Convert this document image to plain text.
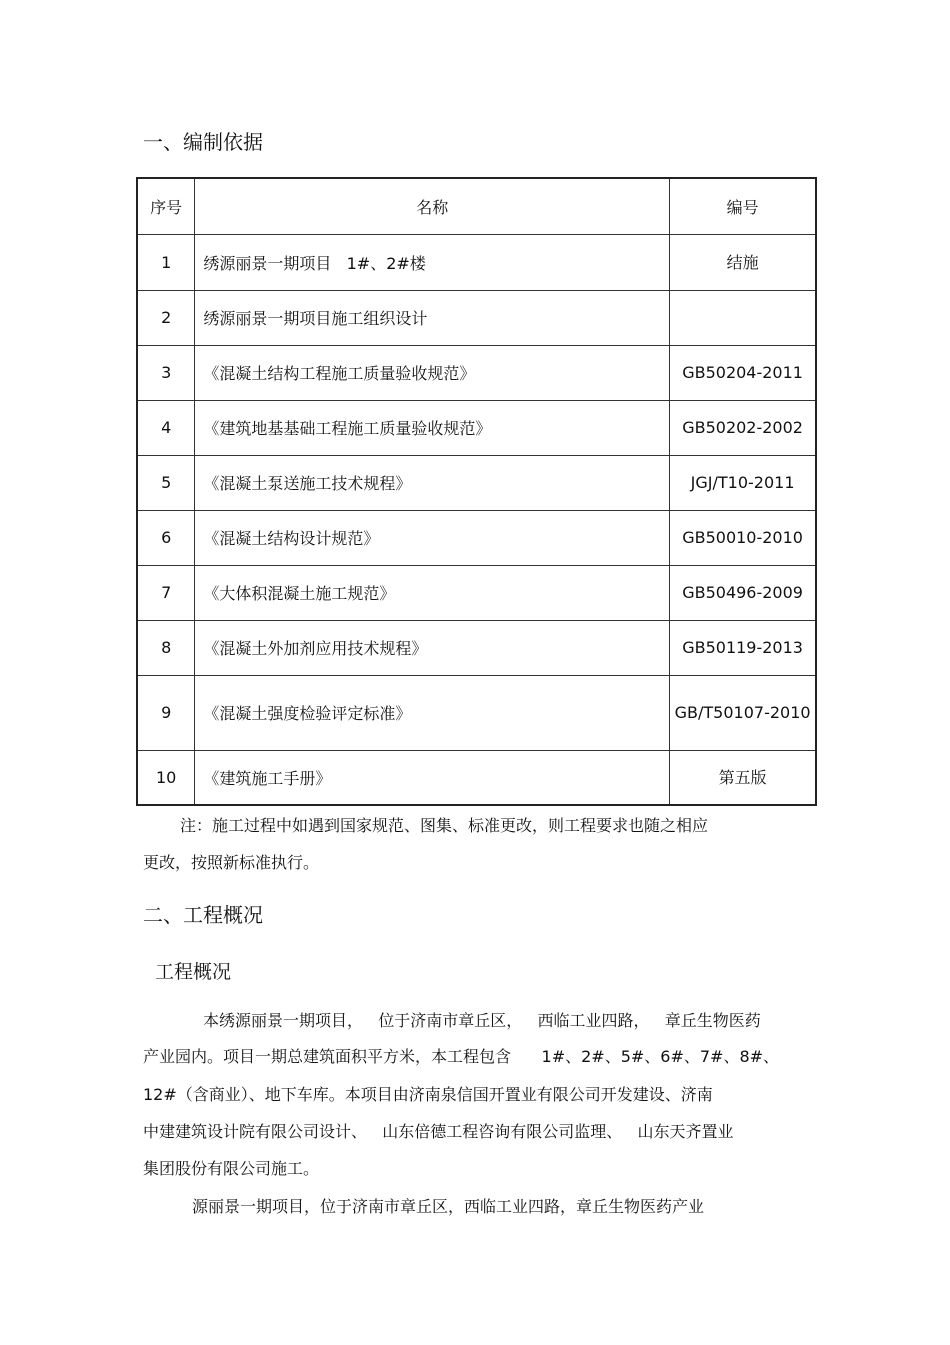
一、编制依据
序号	名称	编号
1	绣源丽景一期项目   1#、2#楼	结施
2	绣源丽景一期项目施工组织设计	
3	《混凝土结构工程施工质量验收规范》	GB50204-2011
4	《建筑地基基础工程施工质量验收规范》	GB50202-2002
5	《混凝土泵送施工技术规程》	JGJ/T10-2011
6	《混凝土结构设计规范》	GB50010-2010
7	《大体积混凝土施工规范》	GB50496-2009
8	《混凝土外加剂应用技术规程》	GB50119-2013
9	《混凝土强度检验评定标准》	GB/T50107-2010
10	《建筑施工手册》	第五版
注：施工过程中如遇到国家规范、图集、标准更改，则工程要求也随之相应
更改，按照新标准执行。
二、工程概况
工程概况
本绣源丽景一期项目，   位于济南市章丘区，   西临工业四路，   章丘生物医药
产业园内。项目一期总建筑面积平方米，本工程包含      1#、2#、5#、6#、7#、8#、
12#（含商业）、地下车库。本项目由济南泉信国开置业有限公司开发建设、济南
中建建筑设计院有限公司设计、   山东倍德工程咨询有限公司监理、   山东天齐置业
集团股份有限公司施工。
源丽景一期项目，位于济南市章丘区，西临工业四路，章丘生物医药产业
